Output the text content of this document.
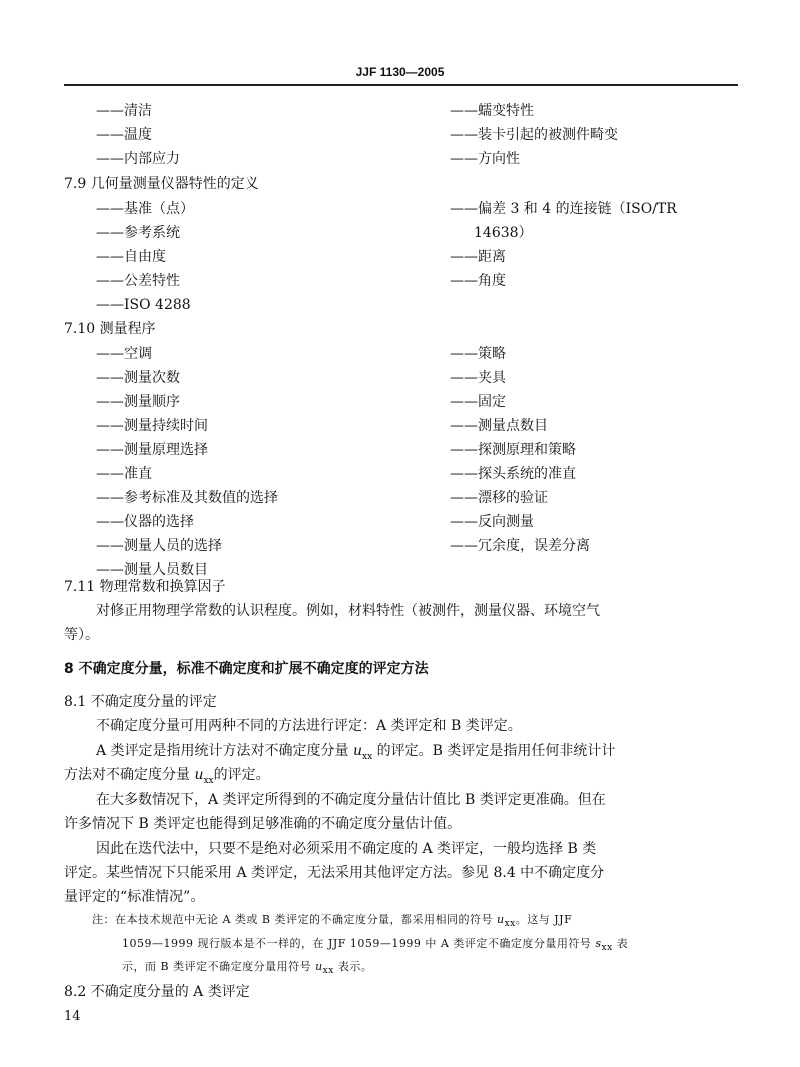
JJF 1130—2005
——清洁
——温度
——内部应力
——蠕变特性
——装卡引起的被测件畸变
——方向性
7.9 几何量测量仪器特性的定义
——基准（点）
——参考系统
——自由度
——公差特性
——ISO 4288
——偏差 3 和 4 的连接链（ISO/TR
14638）
——距离
——角度
7.10 测量程序
——空调
——测量次数
——测量顺序
——测量持续时间
——测量原理选择
——准直
——参考标准及其数值的选择
——仪器的选择
——测量人员的选择
——测量人员数目
——策略
——夹具
——固定
——测量点数目
——探测原理和策略
——探头系统的准直
——漂移的验证
——反向测量
——冗余度，误差分离
7.11 物理常数和换算因子
对修正用物理学常数的认识程度。例如，材料特性（被测件，测量仪器、环境空气
等）。
8 不确定度分量，标准不确定度和扩展不确定度的评定方法
8.1 不确定度分量的评定
不确定度分量可用两种不同的方法进行评定：A 类评定和 B 类评定。
A 类评定是指用统计方法对不确定度分量 $u_{xx}$ 的评定。B 类评定是指用任何非统计计
方法对不确定度分量 $u_{xx}$的评定。
在大多数情况下，A 类评定所得到的不确定度分量估计值比 B 类评定更准确。但在
许多情况下 B 类评定也能得到足够准确的不确定度分量估计值。
因此在迭代法中，只要不是绝对必须采用不确定度的 A 类评定，一般均选择 B 类
评定。某些情况下只能采用 A 类评定，无法采用其他评定方法。参见 8.4 中不确定度分
量评定的“标准情况”。
注：在本技术规范中无论 A 类或 B 类评定的不确定度分量，都采用相同的符号 $u_{xx}$。这与 JJF
1059—1999 现行版本是不一样的，在 JJF 1059—1999 中 A 类评定不确定度分量用符号 $s_{xx}$ 表
示，而 B 类评定不确定度分量用符号 $u_{xx}$ 表示。
8.2 不确定度分量的 A 类评定
14
